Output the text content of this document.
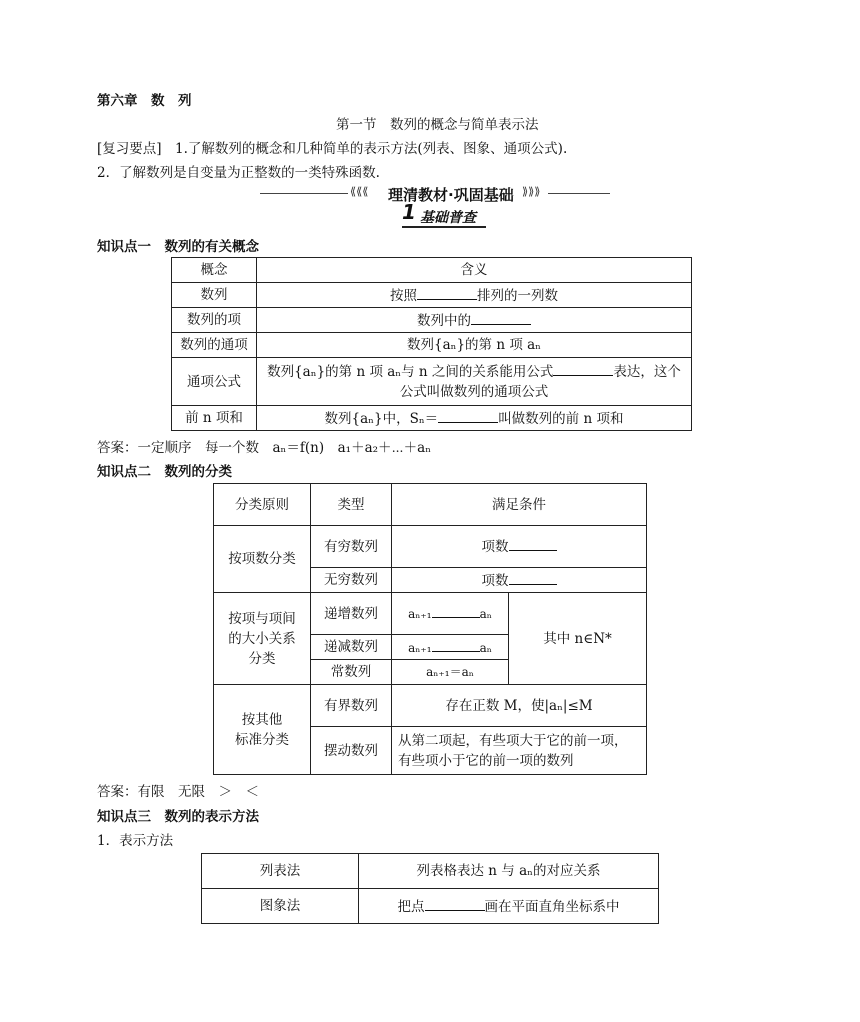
第六章　数　列
第一节　数列的概念与简单表示法
[复习要点]　1.了解数列的概念和几种简单的表示方法(列表、图象、通项公式).
2．了解数列是自变量为正整数的一类特殊函数.
⟪⟪⟪ 理清教材·巩固基础 ⟫⟫⟫
1 基础普查
知识点一　数列的有关概念
概念	含义
数列	按照 排列的一列数
数列的项	数列中的
数列的通项	数列{aₙ}的第 n 项 aₙ
通项公式	数列{aₙ}的第 n 项 aₙ与 n 之间的关系能用公式 表达，这个
公式叫做数列的通项公式

前 n 项和	数列{aₙ}中，Sₙ＝ 叫做数列的前 n 项和
答案：一定顺序　每一个数　aₙ＝f(n)　a₁＋a₂＋⋯＋aₙ
知识点二　数列的分类
分类原则	类型	满足条件	
按项数分类	有穷数列	项数	
	无穷数列	项数	

按项与项间
的大小关系
分类	递增数列	aₙ₊₁ aₙ	其中 n∈N*
	递减数列	aₙ₊₁ aₙ	
	常数列	aₙ₊₁＝aₙ	

按其他
标准分类	有界数列	存在正数 M，使|aₙ|≤M	
	摆动数列	从第二项起，有些项大于它的前一项，
有些项小于它的前一项的数列	
答案：有限　无限　＞　＜
知识点三　数列的表示方法
1．表示方法
列表法	列表格表达 n 与 aₙ的对应关系
图象法	把点 画在平面直角坐标系中
